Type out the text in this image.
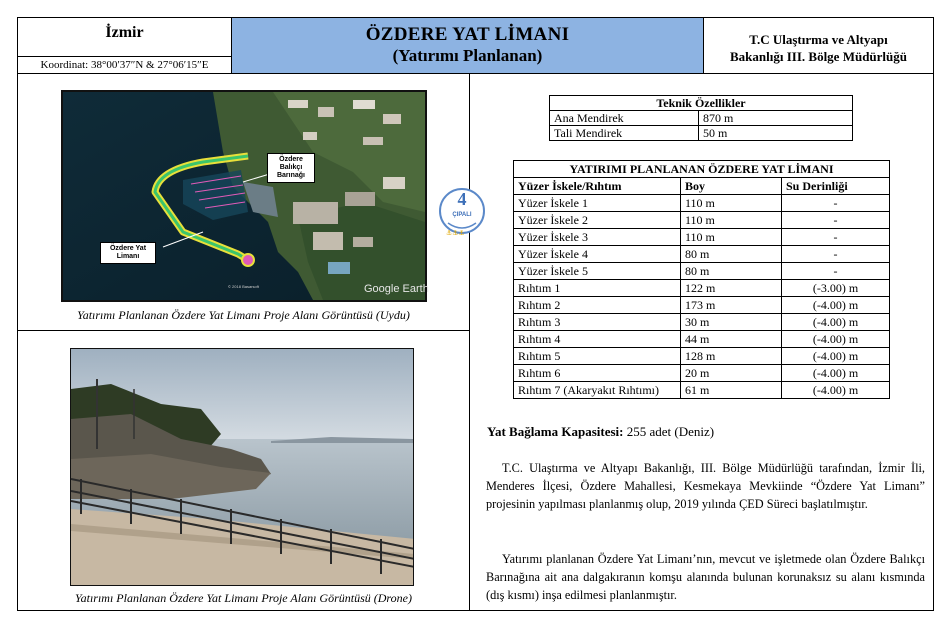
İzmir
Koordinat: 38°00′37″N & 27°06′15″E
ÖZDERE YAT LİMANI
(Yatırımı Planlanan)
T.C Ulaştırma ve Altyapı
Bakanlığı III. Bölge Müdürlüğü
© 2018 Basarsoft
Özdere Balıkçı Barınağı
Özdere Yat Limanı
Google Earth
Yatırımı Planlanan Özdere Yat Limanı Proje Alanı Görüntüsü (Uydu)
Yatırımı Planlanan Özdere Yat Limanı Proje Alanı Görüntüsü (Drone)
⚓⚓⚓
4
ÇIPALI
Teknik Özellikler	
Ana Mendirek	870 m
Tali Mendirek	50 m
YATIRIMI PLANLANAN ÖZDERE YAT LİMANI		
Yüzer İskele/Rıhtım	Boy	Su Derinliği
Yüzer İskele 1	110 m	-
Yüzer İskele 2	110 m	-
Yüzer İskele 3	110 m	-
Yüzer İskele 4	80 m	-
Yüzer İskele 5	80 m	-
Rıhtım 1	122 m	(-3.00) m
Rıhtım 2	173 m	(-4.00) m
Rıhtım 3	30 m	(-4.00) m
Rıhtım 4	44 m	(-4.00) m
Rıhtım 5	128 m	(-4.00) m
Rıhtım 6	20 m	(-4.00) m
Rıhtım 7 (Akaryakıt Rıhtımı)	61 m	(-4.00) m
Yat Bağlama Kapasitesi: 255 adet (Deniz)
T.C. Ulaştırma ve Altyapı Bakanlığı, III. Bölge Müdürlüğü tarafından, İzmir İli, Menderes İlçesi, Özdere Mahallesi, Kesmekaya Mevkiinde “Özdere Yat Limanı” projesinin yapılması planlanmış olup, 2019 yılında ÇED Süreci başlatılmıştır.
Yatırımı planlanan Özdere Yat Limanı’nın, mevcut ve işletmede olan Özdere Balıkçı Barınağına ait ana dalgakıranın komşu alanında bulunan korunaksız su alanı kısmında (dış kısmı) inşa edilmesi planlanmıştır.
